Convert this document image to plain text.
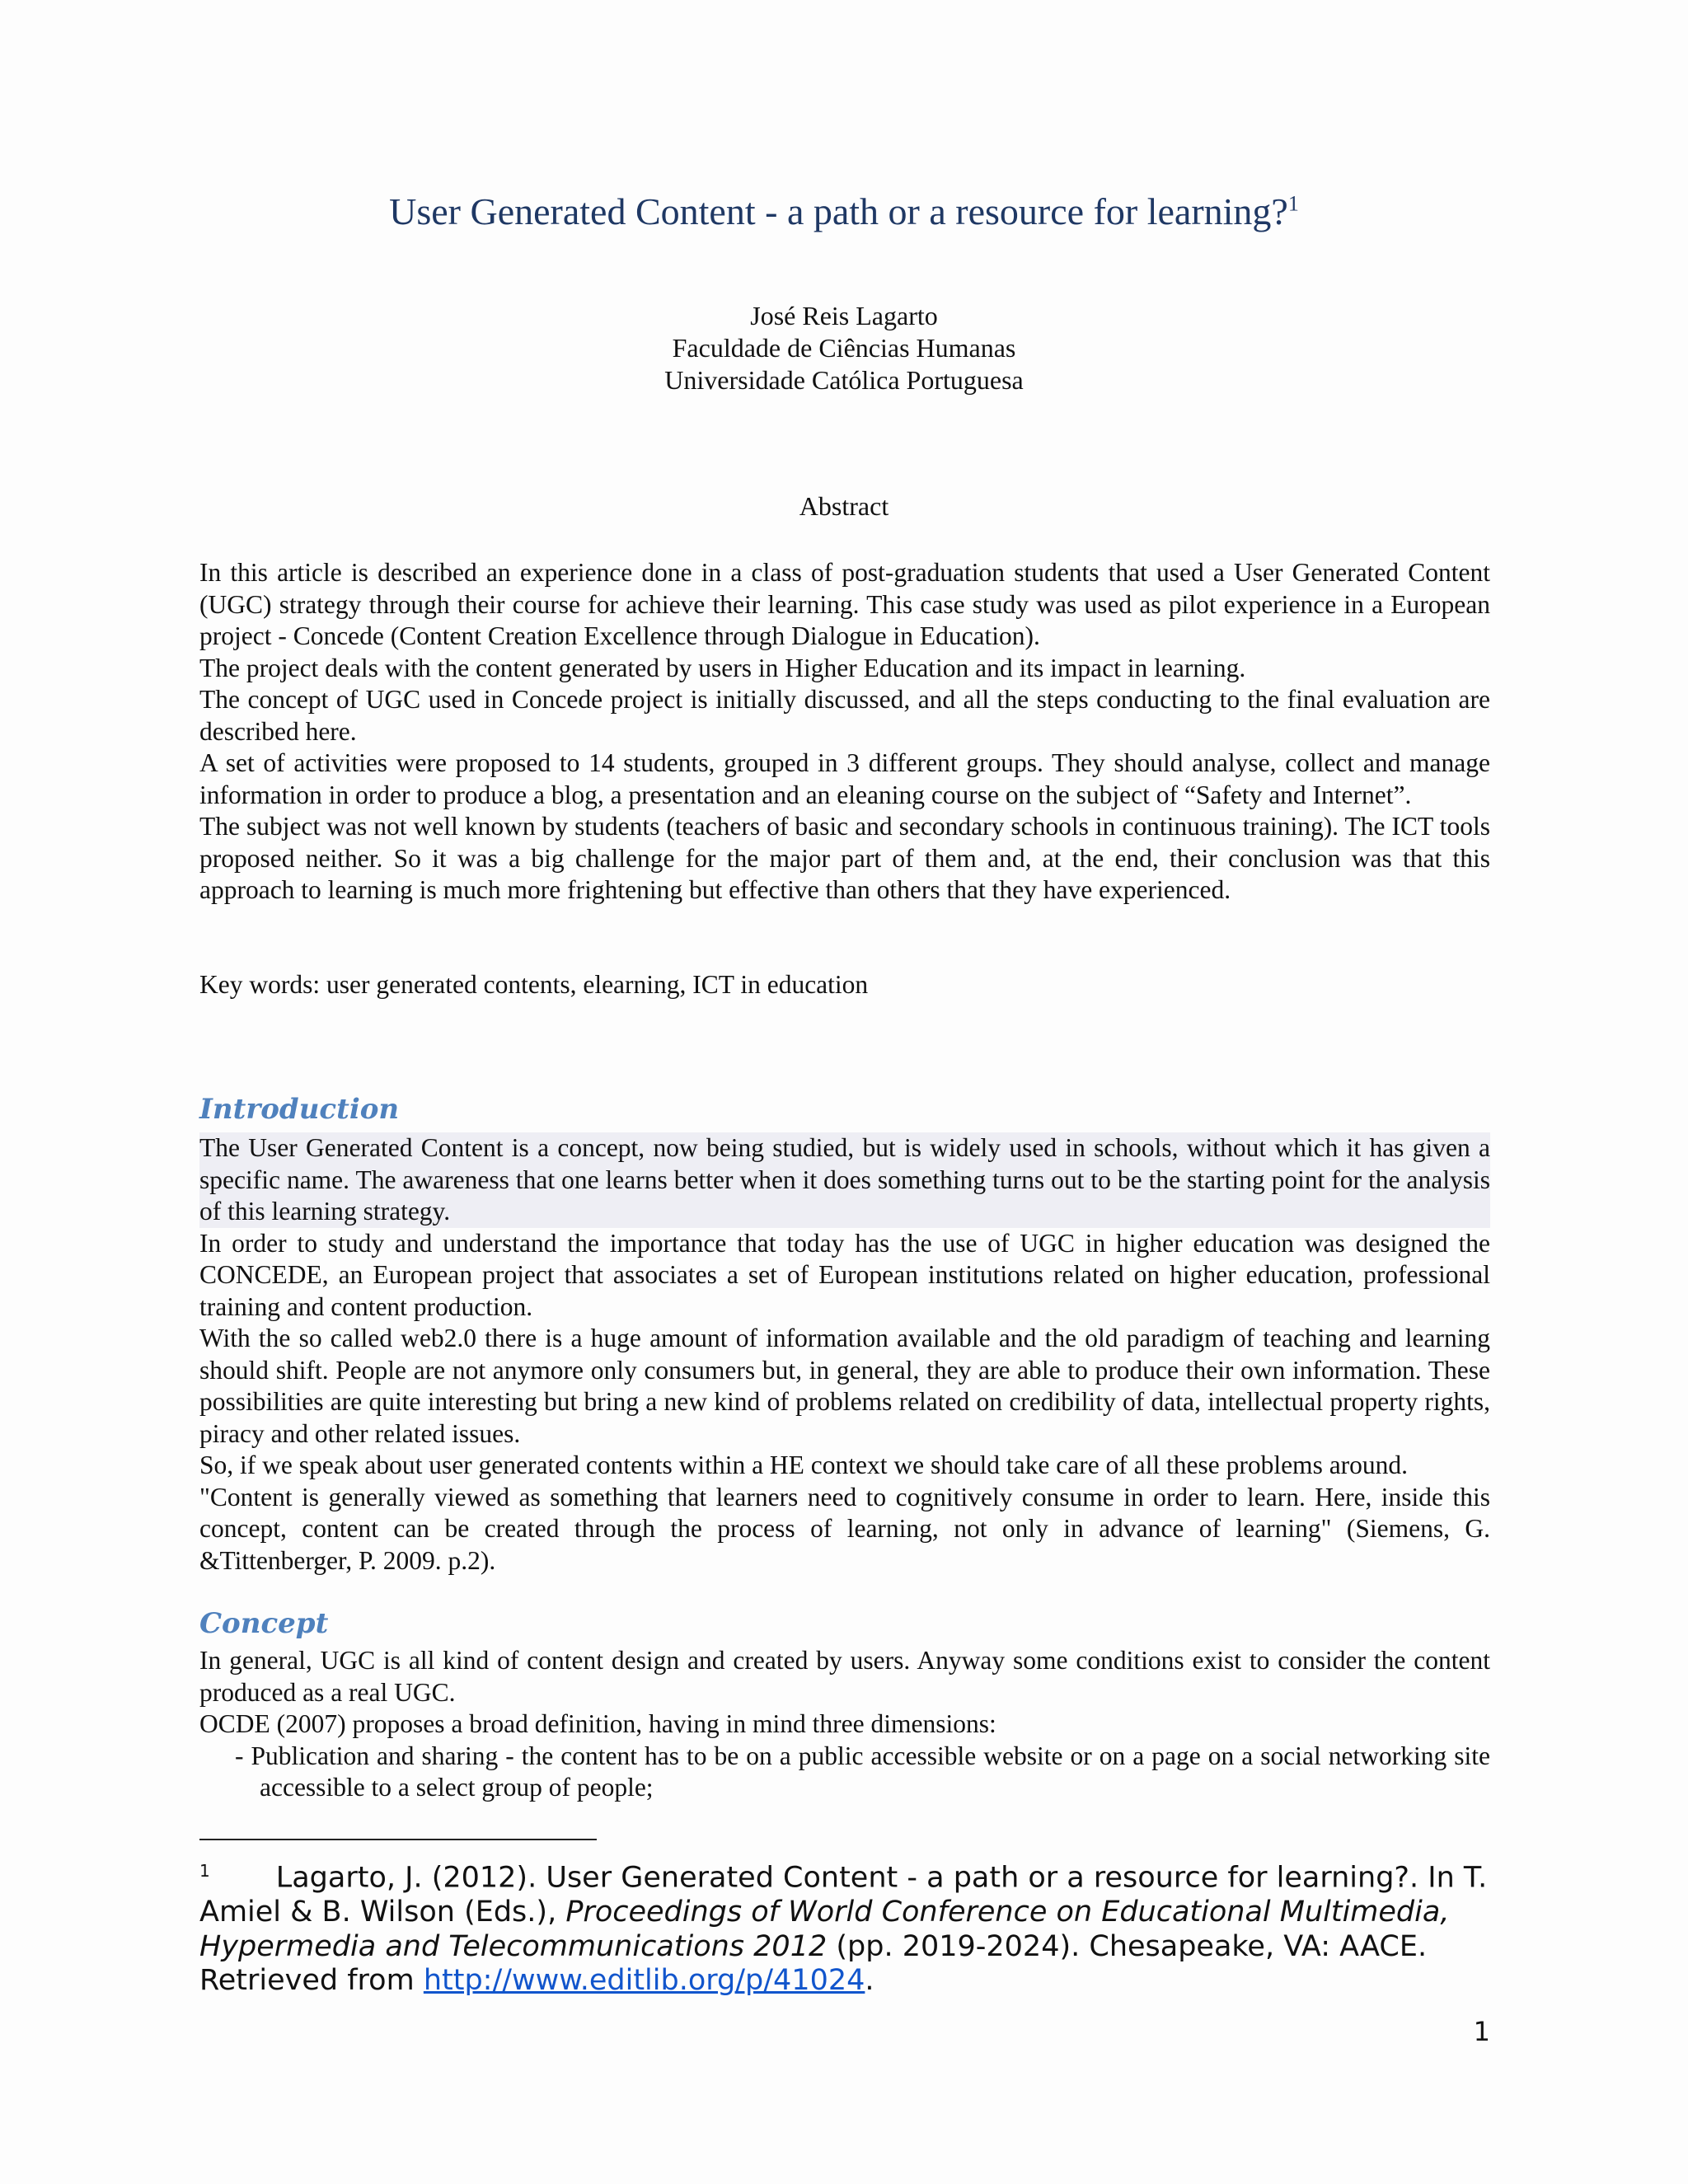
User Generated Content - a path or a resource for learning?$^1$
José Reis Lagarto
Faculdade de Ciências Humanas
Universidade Católica Portuguesa
Abstract

In this article is described an experience done in a class of post-graduation students that used a User Generated Content (UGC) strategy through their course for achieve their learning. This case study was used as pilot experience in a European project - Concede (Content Creation Excellence through Dialogue in Education).

The project deals with the content generated by users in Higher Education and its impact in learning.

The concept of UGC used in Concede project is initially discussed, and all the steps conducting to the final evaluation are described here.

A set of activities were proposed to 14 students, grouped in 3 different groups. They should analyse, collect and manage information in order to produce a blog, a presentation and an eleaning course on the subject of “Safety and Internet”.

The subject was not well known by students (teachers of basic and secondary schools in continuous training). The ICT tools proposed neither. So it was a big challenge for the major part of them and, at the end, their conclusion was that this approach to learning is much more frightening but effective than others that they have experienced.

Key words: user generated contents, elearning, ICT in education
Introduction

The User Generated Content is a concept, now being studied, but is widely used in schools, without which it has given a specific name. The awareness that one learns better when it does something turns out to be the starting point for the analysis of this learning strategy.

In order to study and understand the importance that today has the use of UGC in higher education was designed the CONCEDE, an European project that associates a set of European institutions related on higher education, professional training and content production.

With the so called web2.0 there is a huge amount of information available and the old paradigm of teaching and learning should shift. People are not anymore only consumers but, in general, they are able to produce their own information. These possibilities are quite interesting but bring a new kind of problems related on credibility of data, intellectual property rights, piracy and other related issues.

So, if we speak about user generated contents within a HE context we should take care of all these problems around.

"Content is generally viewed as something that learners need to cognitively consume in order to learn. Here, inside this concept, content can be created through the process of learning, not only in advance of learning" (Siemens, G. &Tittenberger, P. 2009. p.2).

Concept

In general, UGC is all kind of content design and created by users. Anyway some conditions exist to consider the content produced as a real UGC.

OCDE (2007) proposes a broad definition, having in mind three dimensions:

- Publication and sharing - the content has to be on a public accessible website or on a page on a social networking site accessible to a select group of people;

$^1$ Lagarto, J. (2012). User Generated Content - a path or a resource for learning?. In T. Amiel & B. Wilson (Eds.), Proceedings of World Conference on Educational Multimedia, Hypermedia and Telecommunications 2012 (pp. 2019-2024). Chesapeake, VA: AACE. Retrieved from http://www.editlib.org/p/41024.
1
